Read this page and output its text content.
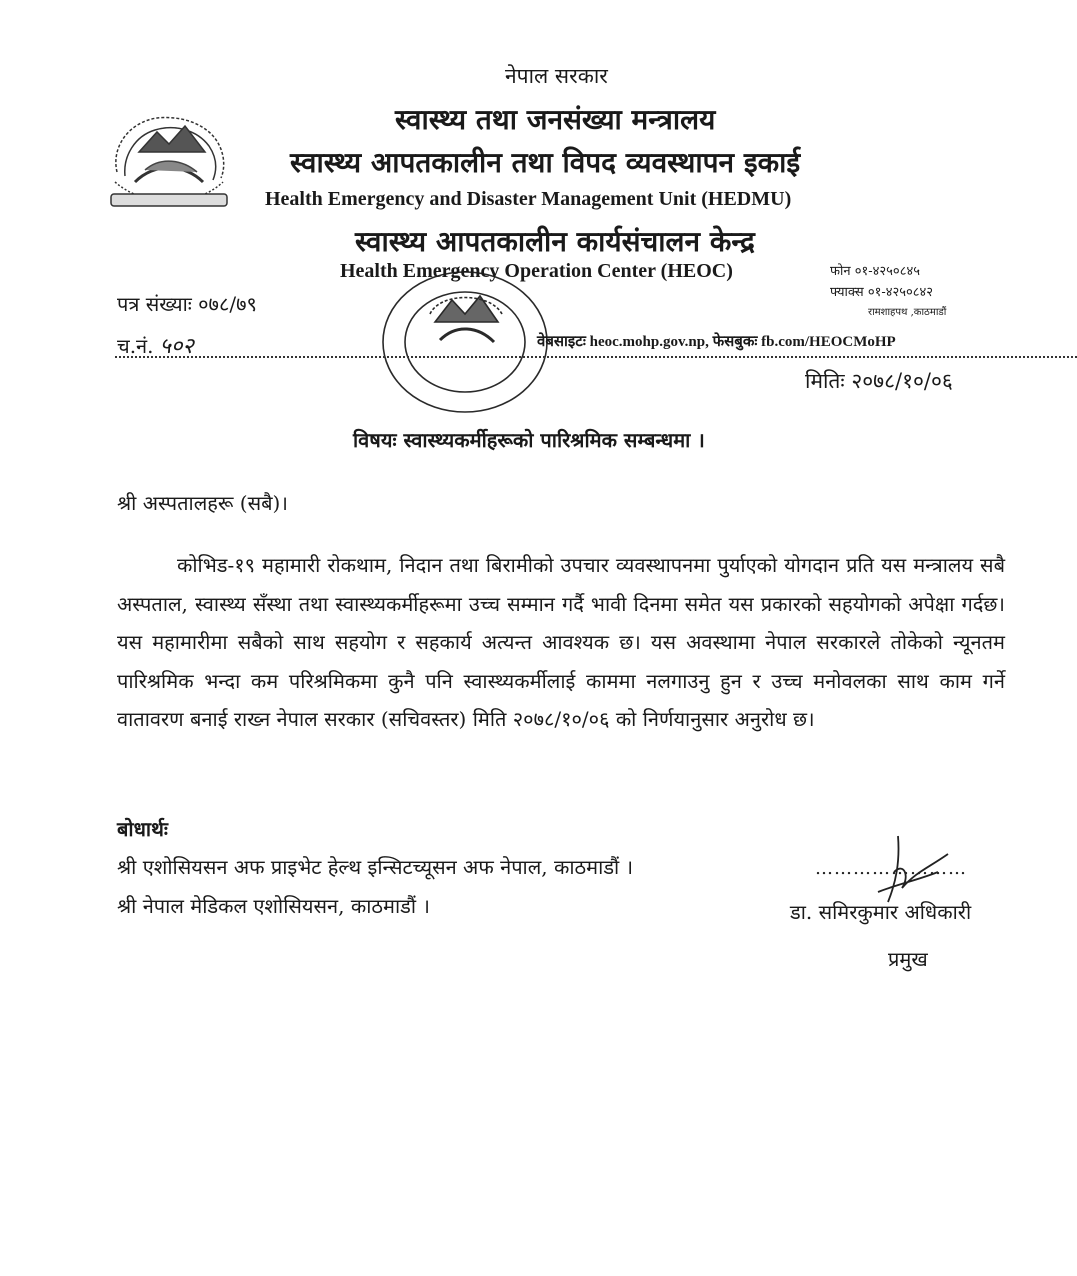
नेपाल सरकार
स्वास्थ्य तथा जनसंख्या मन्त्रालय
स्वास्थ्य आपतकालीन तथा विपद व्यवस्थापन इकाई
Health Emergency and Disaster Management Unit (HEDMU)
स्वास्थ्य आपतकालीन कार्यसंचालन केन्द्र
Health Emergency Operation Center (HEOC)	फोन ०१-४२५०८४५
फ्याक्स ०१-४२५०८४२
रामशाहपथ ,काठमाडौं
वेबसाइटः heoc.mohp.gov.np, फेसबुकः fb.com/HEOCMoHP
पत्र संख्याः ०७८/७९
च.नं. ५०२
मितिः २०७८/१०/०६
विषयः स्वास्थ्यकर्मीहरूको पारिश्रमिक सम्बन्धमा ।
श्री अस्पतालहरू (सबै)।
कोभिड-१९ महामारी रोकथाम, निदान तथा बिरामीको उपचार व्यवस्थापनमा पुर्याएको योगदान प्रति यस मन्त्रालय सबै अस्पताल, स्वास्थ्य सँस्था तथा स्वास्थ्यकर्मीहरूमा उच्च सम्मान गर्दै भावी दिनमा समेत यस प्रकारको सहयोगको अपेक्षा गर्दछ। यस महामारीमा सबैको साथ सहयोग र सहकार्य अत्यन्त आवश्यक छ। यस अवस्थामा नेपाल सरकारले तोकेको न्यूनतम पारिश्रमिक भन्दा कम परिश्रमिकमा कुनै पनि स्वास्थ्यकर्मीलाई काममा नलगाउनु हुन र उच्च मनोवलका साथ काम गर्ने वातावरण बनाई राख्न नेपाल सरकार (सचिवस्तर) मिति २०७८/१०/०६ को निर्णयानुसार अनुरोध छ।
बोधार्थः
श्री एशोसियसन अफ प्राइभेट हेल्थ इन्सिटच्यूसन अफ नेपाल, काठमाडौं ।
श्री नेपाल मेडिकल एशोसियसन, काठमाडौं ।
……………………
डा. समिरकुमार अधिकारी
प्रमुख
